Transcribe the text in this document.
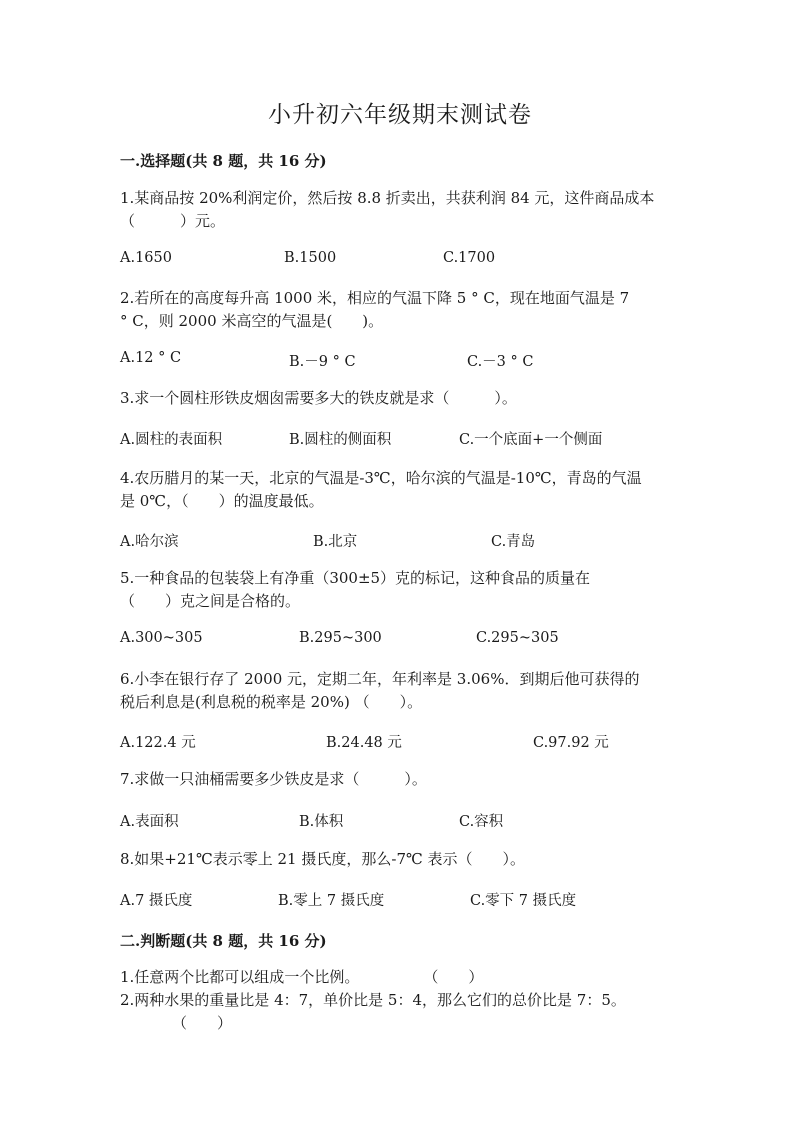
小升初六年级期末测试卷
一.选择题(共 8 题，共 16 分)
1.某商品按 20%利润定价，然后按 8.8 折卖出，共获利润 84 元，这件商品成本
（　　　）元。
A.1650	B.1500	C.1700
2.若所在的高度每升高 1000 米，相应的气温下降 5 ° C，现在地面气温是 7
° C，则 2000 米高空的气温是(　　)。
A.12 ° C	B.－9 ° C	C.－3 ° C
3.求一个圆柱形铁皮烟囱需要多大的铁皮就是求（　　　）。
A.圆柱的表面积	B.圆柱的侧面积	C.一个底面+一个侧面
4.农历腊月的某一天，北京的气温是-3℃，哈尔滨的气温是-10℃，青岛的气温
是 0℃，（　　）的温度最低。
A.哈尔滨	B.北京	C.青岛
5.一种食品的包装袋上有净重（300±5）克的标记，这种食品的质量在
（　　）克之间是合格的。
A.300~305	B.295~300	C.295~305
6.小李在银行存了 2000 元，定期二年，年利率是 3.06%．到期后他可获得的
税后利息是(利息税的税率是 20%) （　　）。
A.122.4 元	B.24.48 元	C.97.92 元
7.求做一只油桶需要多少铁皮是求（　　　）。
A.表面积	B.体积	C.容积
8.如果+21℃表示零上 21 摄氏度，那么-7℃ 表示（　　）。
A.7 摄氏度	B.零上 7 摄氏度	C.零下 7 摄氏度
二.判断题(共 8 题，共 16 分)
1.任意两个比都可以组成一个比例。	（　　）
2.两种水果的重量比是 4：7，单价比是 5：4，那么它们的总价比是 7：5。
（　　）
